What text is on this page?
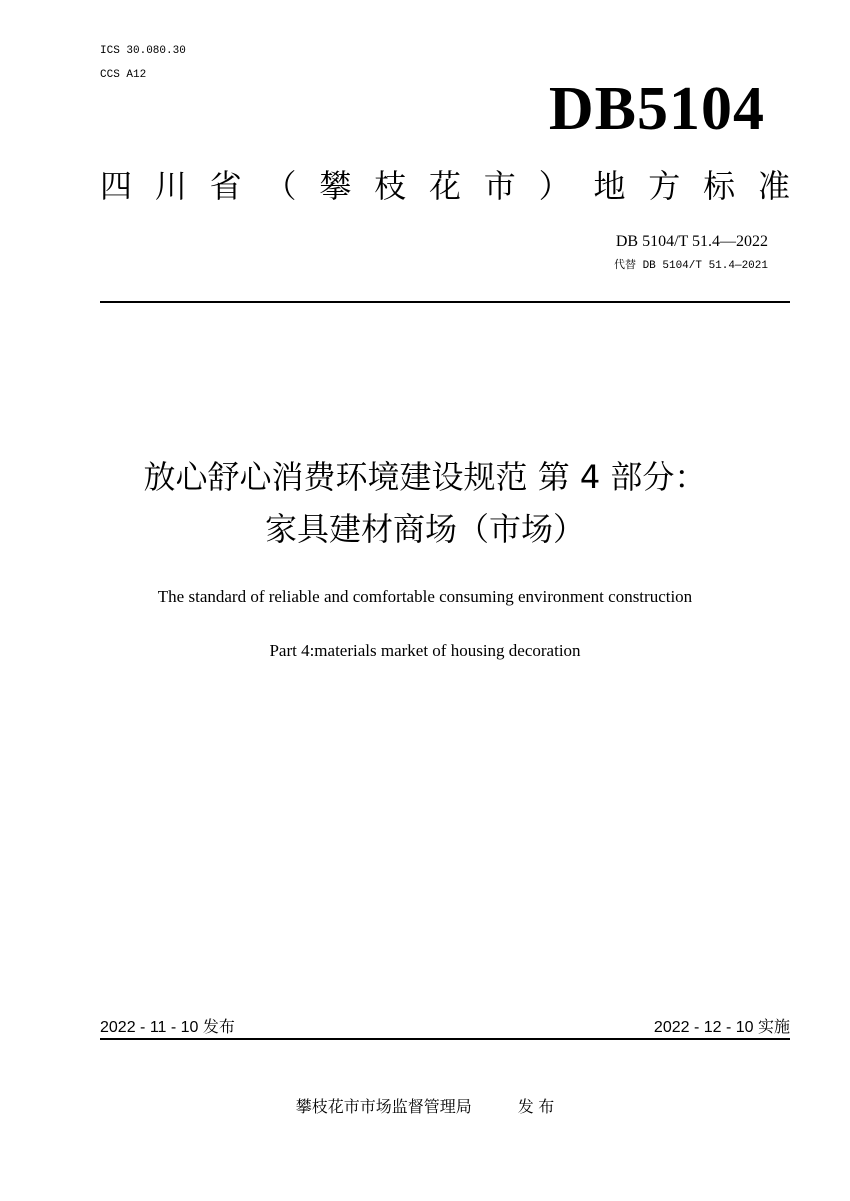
ICS 30.080.30
CCS A12	DB5104
四 川 省 （ 攀 枝 花 市 ） 地 方 标 准
DB 5104/T 51.4—2022
代替 DB 5104/T 51.4—2021
放心舒心消费环境建设规范 第 4 部分：
家具建材商场（市场）
The standard of reliable and comfortable consuming environment construction
Part 4:materials market of housing decoration
2022 - 11 - 10 发布	2022 - 12 - 10 实施
攀枝花市市场监督管理局	发 布
